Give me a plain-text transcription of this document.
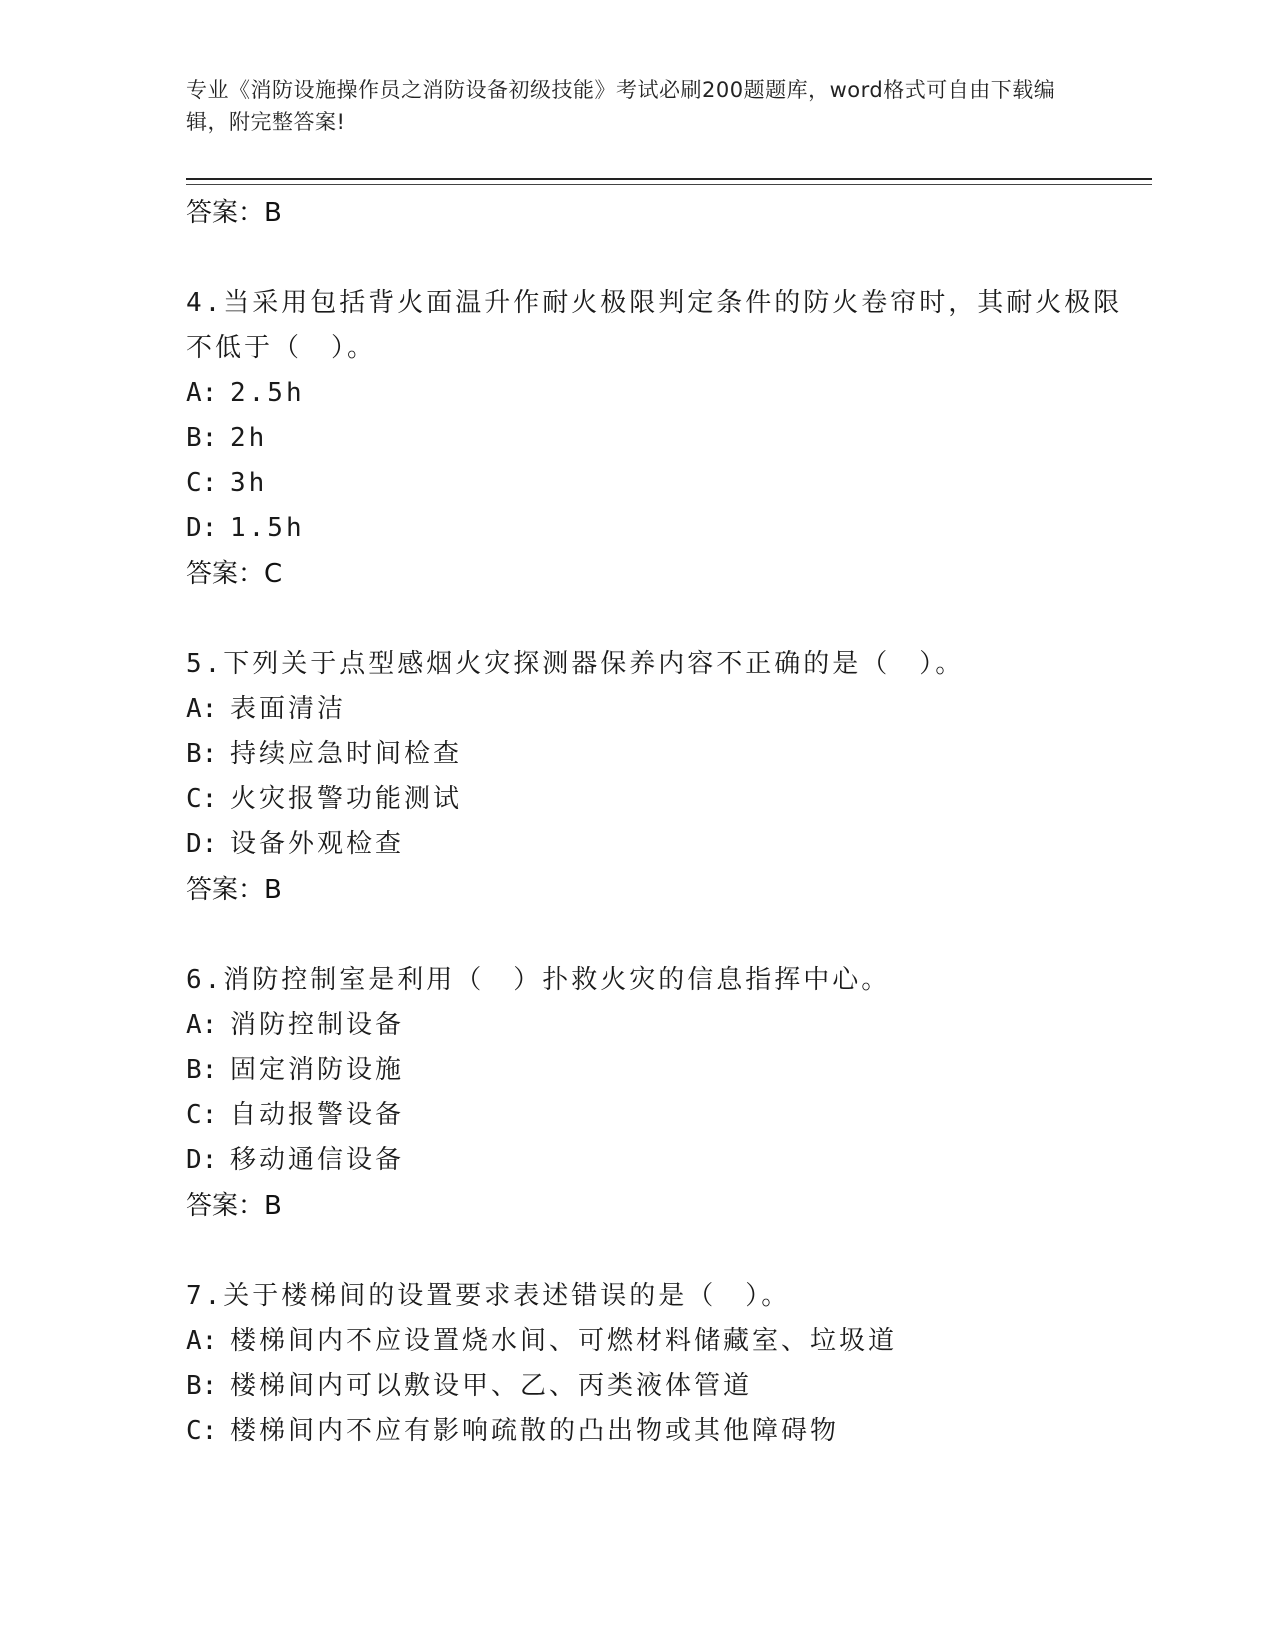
专业《消防设施操作员之消防设备初级技能》考试必刷200题题库，word格式可自由下载编辑，附完整答案!
答案：B
4.当采用包括背火面温升作耐火极限判定条件的防火卷帘时，其耐火极限不低于（　）。
A: 2.5h
B: 2h
C: 3h
D: 1.5h
答案：C
5.下列关于点型感烟火灾探测器保养内容不正确的是（　）。
A: 表面清洁
B: 持续应急时间检查
C: 火灾报警功能测试
D: 设备外观检查
答案：B
6.消防控制室是利用（　）扑救火灾的信息指挥中心。
A: 消防控制设备
B: 固定消防设施
C: 自动报警设备
D: 移动通信设备
答案：B
7.关于楼梯间的设置要求表述错误的是（　）。
A: 楼梯间内不应设置烧水间、可燃材料储藏室、垃圾道
B: 楼梯间内可以敷设甲、乙、丙类液体管道
C: 楼梯间内不应有影响疏散的凸出物或其他障碍物
